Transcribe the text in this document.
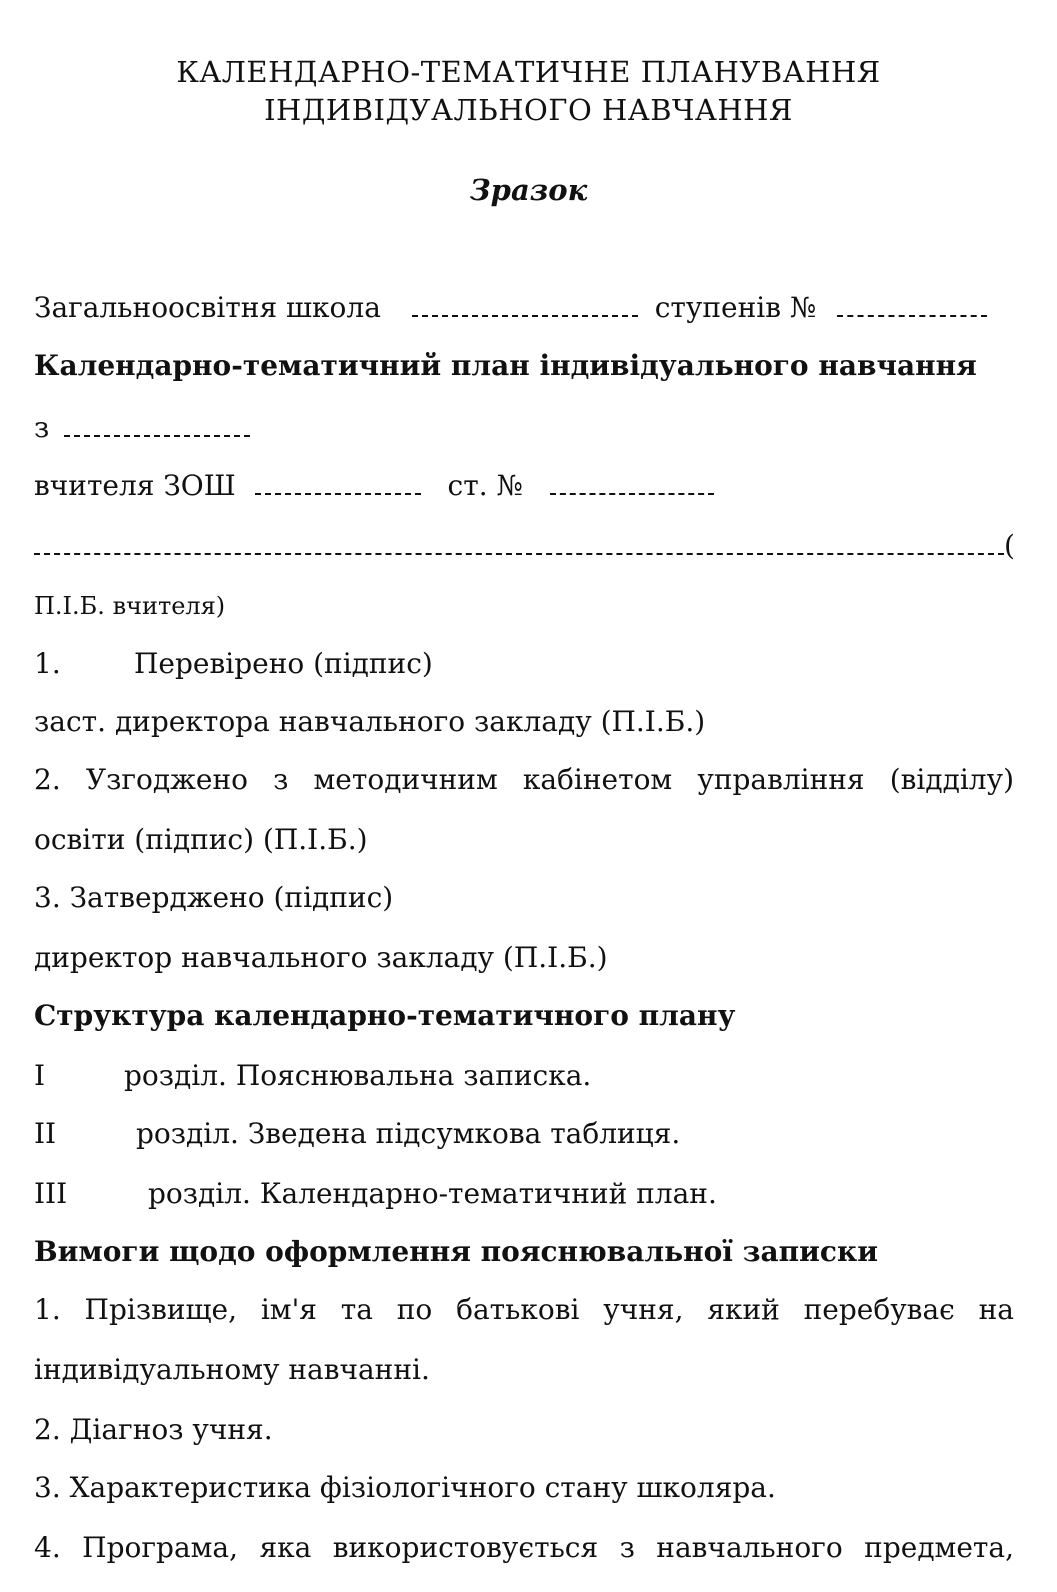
КАЛЕНДАРНО-ТЕМАТИЧНЕ ПЛАНУВАННЯ
ІНДИВІДУАЛЬНОГО НАВЧАННЯ
Зразок
Загальноосвітня школа	ступенів №
Календарно-тематичний план індивідуального навчання
з
вчителя ЗОШ	ст. №
(
П.І.Б. вчителя)
1.	Перевірено (підпис)
заст. директора навчального закладу (П.І.Б.)
2. Узгоджено з методичним кабінетом управління (відділу)
освіти (підпис) (П.І.Б.)
3. Затверджено (підпис)
директор навчального закладу (П.І.Б.)
Структура календарно-тематичного плану
I	розділ. Пояснювальна записка.
II	розділ. Зведена підсумкова таблиця.
III	розділ. Календарно-тематичний план.
Вимоги щодо оформлення пояснювальної записки
1. Прізвище, ім'я та по батькові учня, який перебуває на
індивідуальному навчанні.
2. Діагноз учня.
3. Характеристика фізіологічного стану школяра.
4. Програма, яка використовується з навчального предмета,
